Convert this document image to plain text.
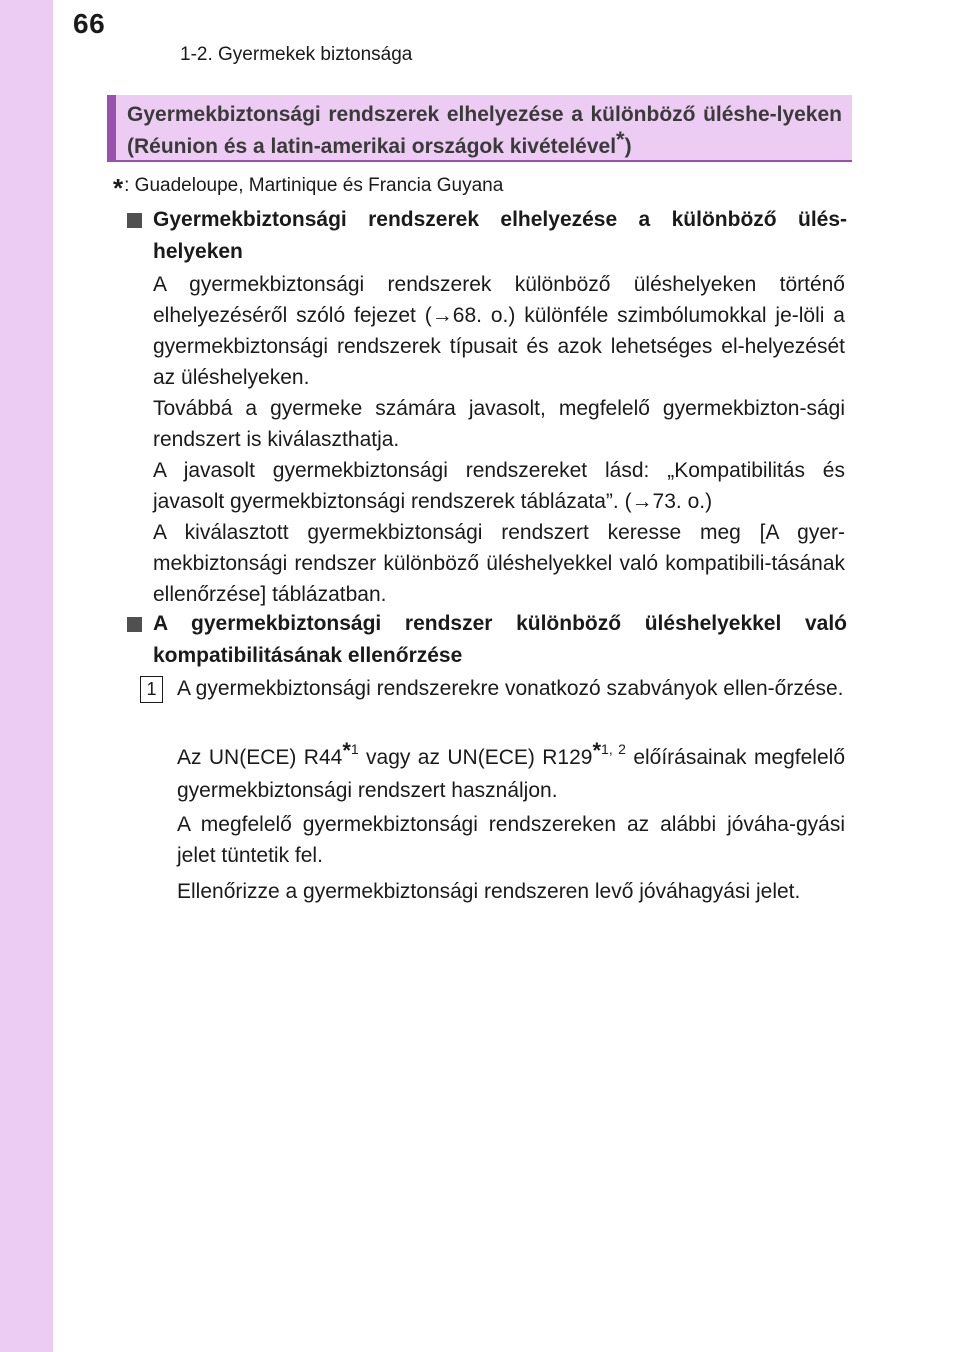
66
1-2. Gyermekek biztonsága
Gyermekbiztonsági rendszerek elhelyezése a különböző üléshe-lyeken (Réunion és a latin-amerikai országok kivételével*)
*: Guadeloupe, Martinique és Francia Guyana
Gyermekbiztonsági rendszerek elhelyezése a különböző ülés-helyeken
A gyermekbiztonsági rendszerek különböző üléshelyeken történő elhelyezéséről szóló fejezet (→68. o.) különféle szimbólumokkal je-löli a gyermekbiztonsági rendszerek típusait és azok lehetséges el-helyezését az üléshelyeken.
Továbbá a gyermeke számára javasolt, megfelelő gyermekbizton-sági rendszert is kiválaszthatja.
A javasolt gyermekbiztonsági rendszereket lásd: „Kompatibilitás és javasolt gyermekbiztonsági rendszerek táblázata”. (→73. o.)
A kiválasztott gyermekbiztonsági rendszert keresse meg [A gyer-mekbiztonsági rendszer különböző üléshelyekkel való kompatibili-tásának ellenőrzése] táblázatban.
A gyermekbiztonsági rendszer különböző üléshelyekkel való kompatibilitásának ellenőrzése
1 A gyermekbiztonsági rendszerekre vonatkozó szabványok ellen-őrzése.
Az UN(ECE) R44*$^1$ vagy az UN(ECE) R129*$^{1, 2}$ előírásainak megfelelő gyermekbiztonsági rendszert használjon.
A megfelelő gyermekbiztonsági rendszereken az alábbi jóváha-gyási jelet tüntetik fel.
Ellenőrizze a gyermekbiztonsági rendszeren levő jóváhagyási jelet.
